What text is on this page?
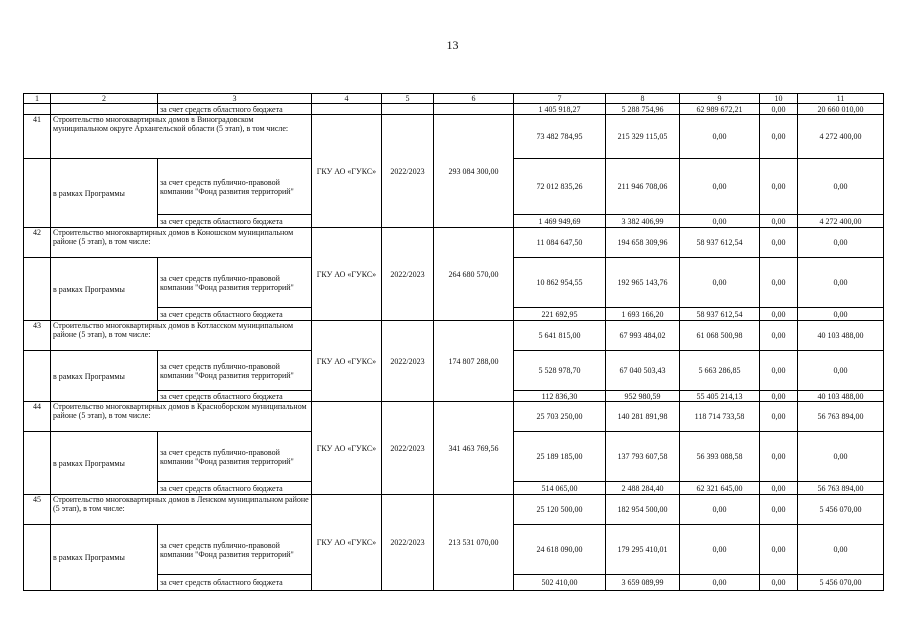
13
1	2	3	4	5	6	7	8	9	10	11
		за счет средств областного бюджета				1 405 918,27	5 288 754,96	62 989 672,21	0,00	20 660 010,00
41	Строительство многоквартирных домов в Виноградовском муниципальном округе Архангельской области (5 этап), в том числе:		ГКУ АО «ГУКС»	2022/2023	293 084 300,00	73 482 784,95	215 329 115,05	0,00	0,00	4 272 400,00
	в рамках Программы	за счет средств публично-правовой компании "Фонд развития территорий"				72 012 835,26	211 946 708,06	0,00	0,00	0,00
		за счет средств областного бюджета				1 469 949,69	3 382 406,99	0,00	0,00	4 272 400,00
42	Строительство многоквартирных домов в Коношском муниципальном районе (5 этап), в том числе:		ГКУ АО «ГУКС»	2022/2023	264 680 570,00	11 084 647,50	194 658 309,96	58 937 612,54	0,00	0,00
	в рамках Программы	за счет средств публично-правовой компании "Фонд развития территорий"				10 862 954,55	192 965 143,76	0,00	0,00	0,00
		за счет средств областного бюджета				221 692,95	1 693 166,20	58 937 612,54	0,00	0,00
43	Строительство многоквартирных домов в Котласском муниципальном районе (5 этап), в том числе:		ГКУ АО «ГУКС»	2022/2023	174 807 288,00	5 641 815,00	67 993 484,02	61 068 500,98	0,00	40 103 488,00
	в рамках Программы	за счет средств публично-правовой компании "Фонд развития территорий"				5 528 978,70	67 040 503,43	5 663 286,85	0,00	0,00
		за счет средств областного бюджета				112 836,30	952 980,59	55 405 214,13	0,00	40 103 488,00
44	Строительство многоквартирных домов в Красноборском муниципальном районе (5 этап), в том числе:		ГКУ АО «ГУКС»	2022/2023	341 463 769,56	25 703 250,00	140 281 891,98	118 714 733,58	0,00	56 763 894,00
	в рамках Программы	за счет средств публично-правовой компании "Фонд развития территорий"				25 189 185,00	137 793 607,58	56 393 088,58	0,00	0,00
		за счет средств областного бюджета				514 065,00	2 488 284,40	62 321 645,00	0,00	56 763 894,00
45	Строительство многоквартирных домов в Ленском муниципальном районе (5 этап), в том числе:		ГКУ АО «ГУКС»	2022/2023	213 531 070,00	25 120 500,00	182 954 500,00	0,00	0,00	5 456 070,00
	в рамках Программы	за счет средств публично-правовой компании "Фонд развития территорий"				24 618 090,00	179 295 410,01	0,00	0,00	0,00
		за счет средств областного бюджета				502 410,00	3 659 089,99	0,00	0,00	5 456 070,00
